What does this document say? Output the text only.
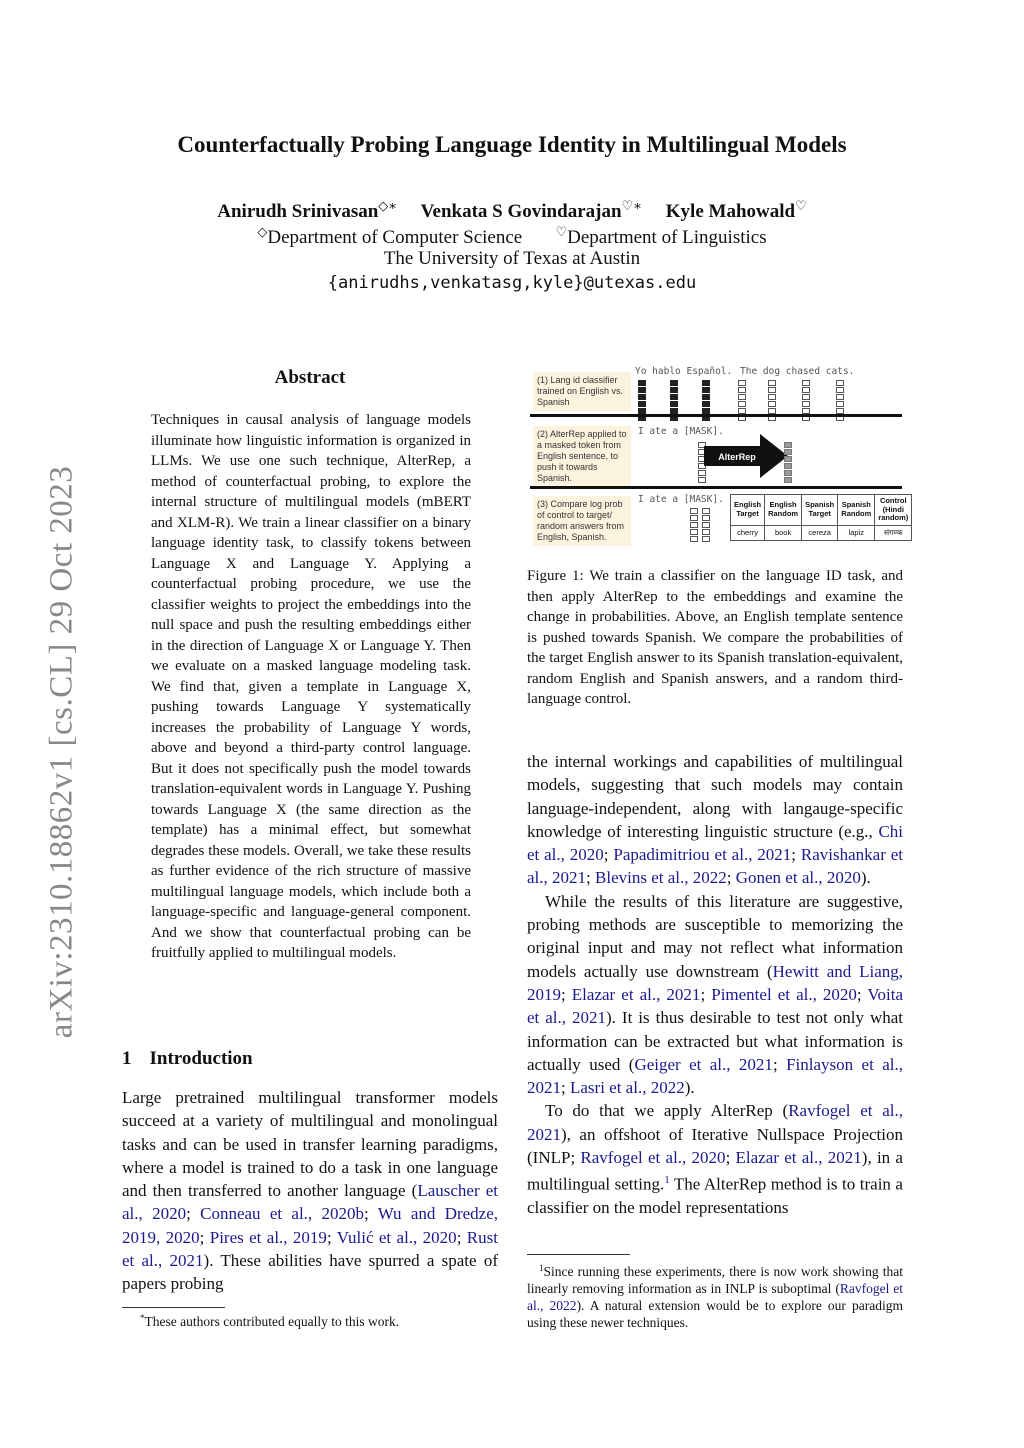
arXiv:2310.18862v1 [cs.CL] 29 Oct 2023
Counterfactually Probing Language Identity in Multilingual Models
Anirudh Srinivasan◇∗ Venkata S Govindarajan♡∗ Kyle Mahowald♡
◇Department of Computer Science	♡Department of Linguistics
The University of Texas at Austin
{anirudhs,venkatasg,kyle}@utexas.edu
Abstract
Techniques in causal analysis of language models illuminate how linguistic information is organized in LLMs. We use one such technique, AlterRep, a method of counterfactual probing, to explore the internal structure of multilingual models (mBERT and XLM-R). We train a linear classifier on a binary language identity task, to classify tokens between Language X and Language Y. Applying a counterfactual probing procedure, we use the classifier weights to project the embeddings into the null space and push the resulting embeddings either in the direction of Language X or Language Y. Then we evaluate on a masked language modeling task. We find that, given a template in Language X, pushing towards Language Y systematically increases the probability of Language Y words, above and beyond a third-party control language. But it does not specifically push the model towards translation-equivalent words in Language Y. Pushing towards Language X (the same direction as the template) has a minimal effect, but somewhat degrades these models. Overall, we take these results as further evidence of the rich structure of massive multilingual language models, which include both a language-specific and language-general component. And we show that counterfactual probing can be fruitfully applied to multilingual models.
1 Introduction

Large pretrained multilingual transformer models succeed at a variety of multilingual and monolingual tasks and can be used in transfer learning paradigms, where a model is trained to do a task in one language and then transferred to another language (Lauscher et al., 2020; Conneau et al., 2020b; Wu and Dredze, 2019, 2020; Pires et al., 2019; Vulić et al., 2020; Rust et al., 2021). These abilities have spurred a spate of papers probing

*These authors contributed equally to this work.
(1) Lang id classifier trained on English vs. Spanish
Yo hablo Español. The dog chased cats.
(2) AlterRep applied to a masked token from English sentence, to push it towards Spanish.
I ate a [MASK].
AlterRep
(3) Compare log prob of control to target/ random answers from English, Spanish.
I ate a [MASK]. English Target	English Random	Spanish Target	Spanish Random	Control (Hindi random)
cherry	book	cereza	lapiz	संगण्क
Figure 1: We train a classifier on the language ID task, and then apply AlterRep to the embeddings and examine the change in probabilities. Above, an English template sentence is pushed towards Spanish. We compare the probabilities of the target English answer to its Spanish translation-equivalent, random English and Spanish answers, and a random third-language control.

the internal workings and capabilities of multilingual models, suggesting that such models may contain language-independent, along with langauge-specific knowledge of interesting linguistic structure (e.g., Chi et al., 2020; Papadimitriou et al., 2021; Ravishankar et al., 2021; Blevins et al., 2022; Gonen et al., 2020).

While the results of this literature are suggestive, probing methods are susceptible to memorizing the original input and may not reflect what information models actually use downstream (Hewitt and Liang, 2019; Elazar et al., 2021; Pimentel et al., 2020; Voita et al., 2021). It is thus desirable to test not only what information can be extracted but what information is actually used (Geiger et al., 2021; Finlayson et al., 2021; Lasri et al., 2022).

To do that we apply AlterRep (Ravfogel et al., 2021), an offshoot of Iterative Nullspace Projection (INLP; Ravfogel et al., 2020; Elazar et al., 2021), in a multilingual setting.$^1$ The AlterRep method is to train a classifier on the model representations

$^1$Since running these experiments, there is now work showing that linearly removing information as in INLP is suboptimal (Ravfogel et al., 2022). A natural extension would be to explore our paradigm using these newer techniques.
